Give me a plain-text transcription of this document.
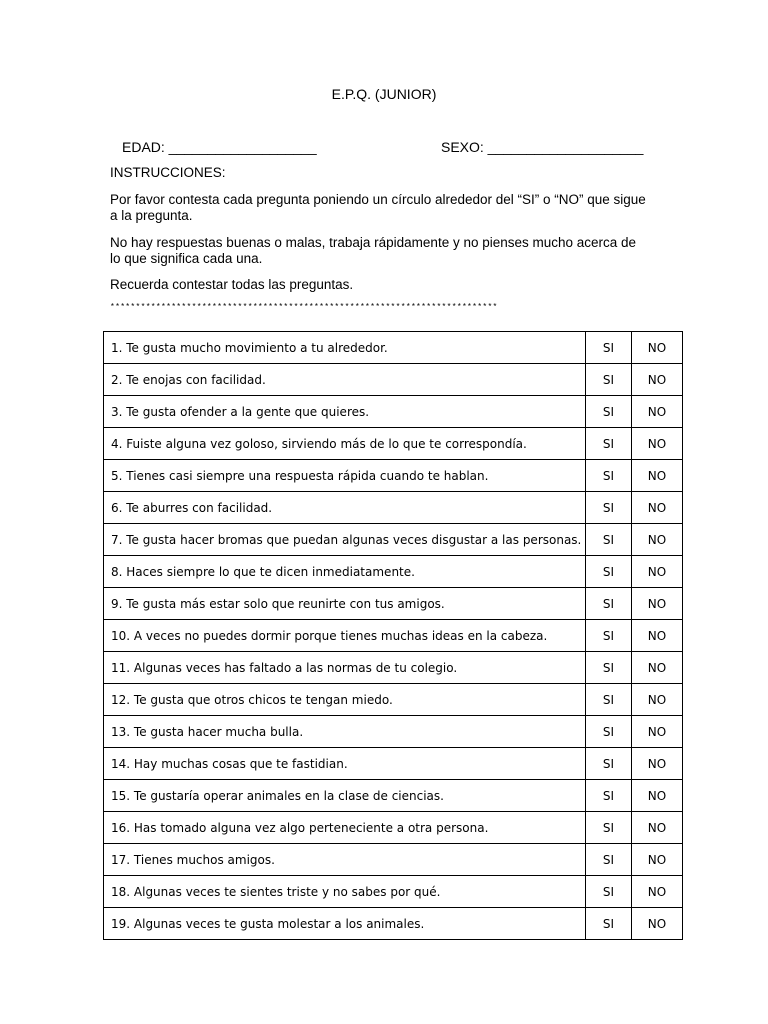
E.P.Q. (JUNIOR)
EDAD: ___________________	SEXO: ____________________
INSTRUCCIONES:
Por favor contesta cada pregunta poniendo un círculo alrededor del “SI” o “NO” que sigue a la pregunta.
No hay respuestas buenas o malas, trabaja rápidamente y no pienses mucho acerca de lo que significa cada una.
Recuerda contestar todas las preguntas.
****************************************************************************
1. Te gusta mucho movimiento a tu alrededor.	SI	NO
2. Te enojas con facilidad.	SI	NO
3. Te gusta ofender a la gente que quieres.	SI	NO
4. Fuiste alguna vez goloso, sirviendo más de lo que te correspondía.	SI	NO
5. Tienes casi siempre una respuesta rápida cuando te hablan.	SI	NO
6. Te aburres con facilidad.	SI	NO
7. Te gusta hacer bromas que puedan algunas veces disgustar a las personas.	SI	NO
8. Haces siempre lo que te dicen inmediatamente.	SI	NO
9. Te gusta más estar solo que reunirte con tus amigos.	SI	NO
10. A veces no puedes dormir porque tienes muchas ideas en la cabeza.	SI	NO
11. Algunas veces has faltado a las normas de tu colegio.	SI	NO
12. Te gusta que otros chicos te tengan miedo.	SI	NO
13. Te gusta hacer mucha bulla.	SI	NO
14. Hay muchas cosas que te fastidian.	SI	NO
15. Te gustaría operar animales en la clase de ciencias.	SI	NO
16. Has tomado alguna vez algo perteneciente a otra persona.	SI	NO
17. Tienes muchos amigos.	SI	NO
18. Algunas veces te sientes triste y no sabes por qué.	SI	NO
19. Algunas veces te gusta molestar a los animales.	SI	NO
